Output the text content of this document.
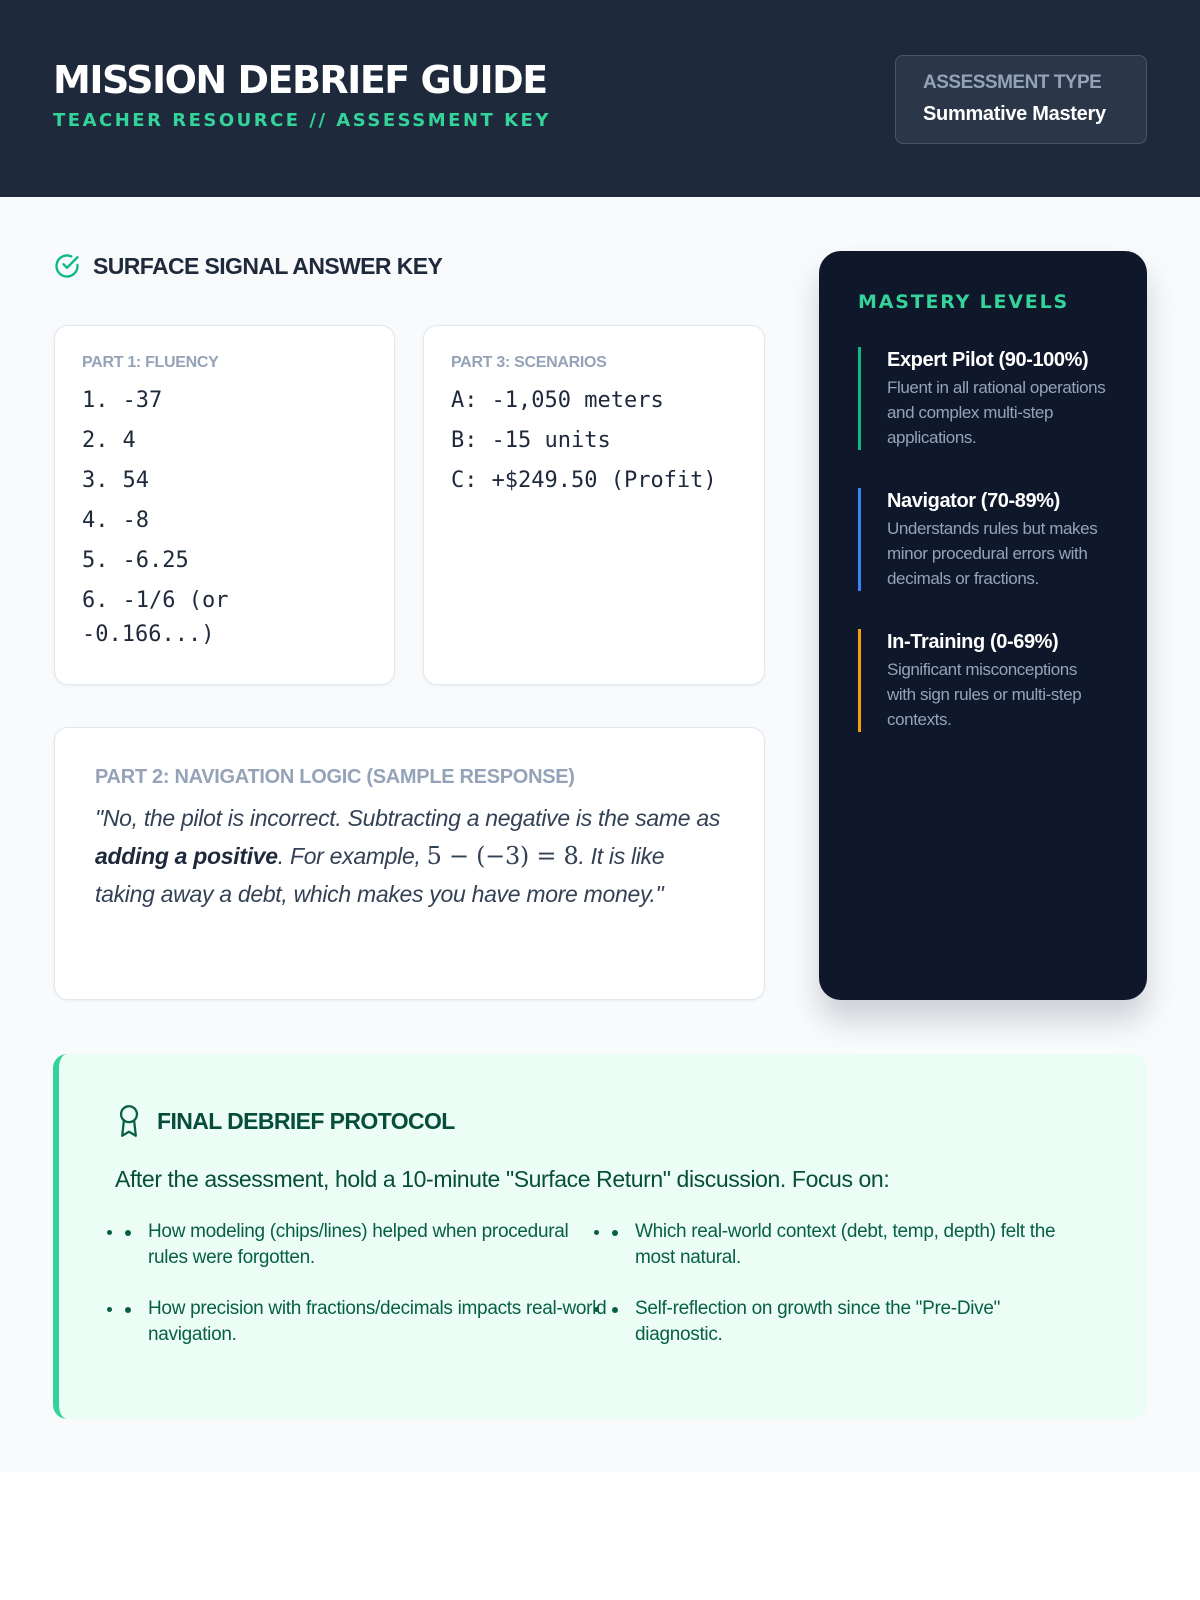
MISSION DEBRIEF GUIDE
TEACHER RESOURCE // ASSESSMENT KEY
ASSESSMENT TYPE
Summative Mastery
SURFACE SIGNAL ANSWER KEY
PART 1: FLUENCY
1. -37
2. 4
3. 54
4. -8
5. -6.25
6. -1/6 (or -0.166...)
PART 3: SCENARIOS
A: -1,050 meters
B: -15 units
C: +$249.50 (Profit)
PART 2: NAVIGATION LOGIC (SAMPLE RESPONSE)

"No, the pilot is incorrect. Subtracting a negative is the same as adding a positive. For example, 5 − (−3) = 8. It is like taking away a debt, which makes you have more money."

MASTERY LEVELS
Expert Pilot (90-100%)
Fluent in all rational operations and complex multi-step applications.
Navigator (70-89%)
Understands rules but makes minor procedural errors with decimals or fractions.
In-Training (0-69%)
Significant misconceptions with sign rules or multi-step contexts.
FINAL DEBRIEF PROTOCOL

After the assessment, hold a 10-minute "Surface Return" discussion. Focus on:

• How modeling (chips/lines) helped when procedural rules were forgotten.
• Which real-world context (debt, temp, depth) felt the most natural.
• How precision with fractions/decimals impacts real-world navigation.
• Self-reflection on growth since the "Pre-Dive" diagnostic.
